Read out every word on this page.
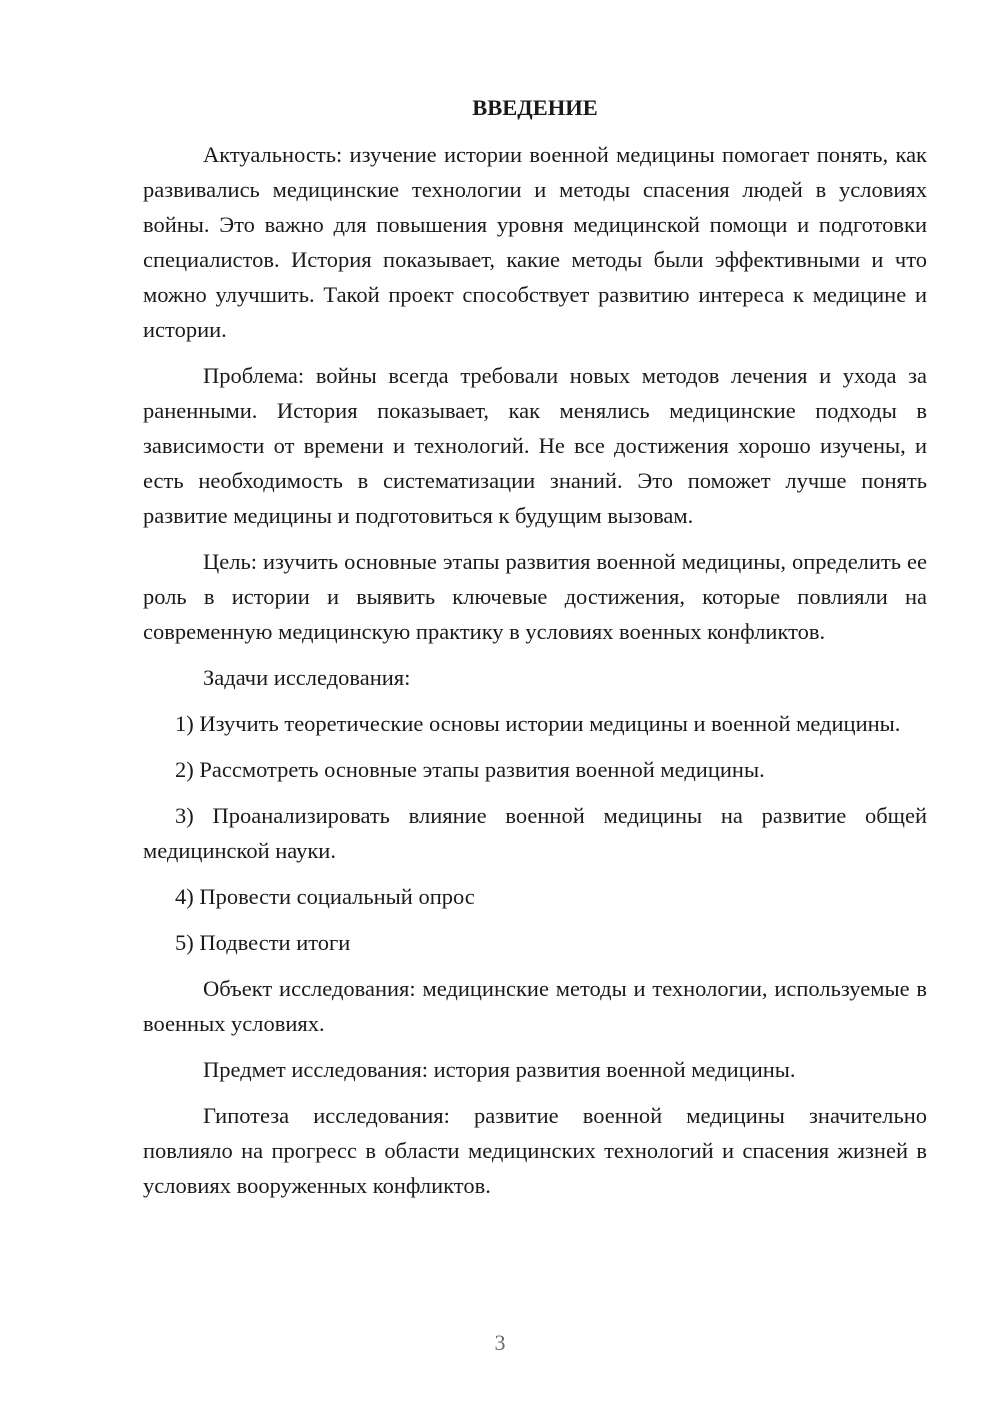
ВВЕДЕНИЕ

Актуальность: изучение истории военной медицины помогает понять, как развивались медицинские технологии и методы спасения людей в условиях войны. Это важно для повышения уровня медицинской помощи и подготовки специалистов. История показывает, какие методы были эффективными и что можно улучшить. Такой проект способствует развитию интереса к медицине и истории.

Проблема: войны всегда требовали новых методов лечения и ухода за раненными. История показывает, как менялись медицинские подходы в зависимости от времени и технологий. Не все достижения хорошо изучены, и есть необходимость в систематизации знаний. Это поможет лучше понять развитие медицины и подготовиться к будущим вызовам.

Цель: изучить основные этапы развития военной медицины, определить ее роль в истории и выявить ключевые достижения, которые повлияли на современную медицинскую практику в условиях военных конфликтов.

Задачи исследования:

1) Изучить теоретические основы истории медицины и военной медицины.

2) Рассмотреть основные этапы развития военной медицины.

3) Проанализировать влияние военной медицины на развитие общей медицинской науки.

4) Провести социальный опрос

5) Подвести итоги

Объект исследования: медицинские методы и технологии, используемые в военных условиях.

Предмет исследования: история развития военной медицины.

Гипотеза исследования: развитие военной медицины значительно повлияло на прогресс в области медицинских технологий и спасения жизней в условиях вооруженных конфликтов.

3
